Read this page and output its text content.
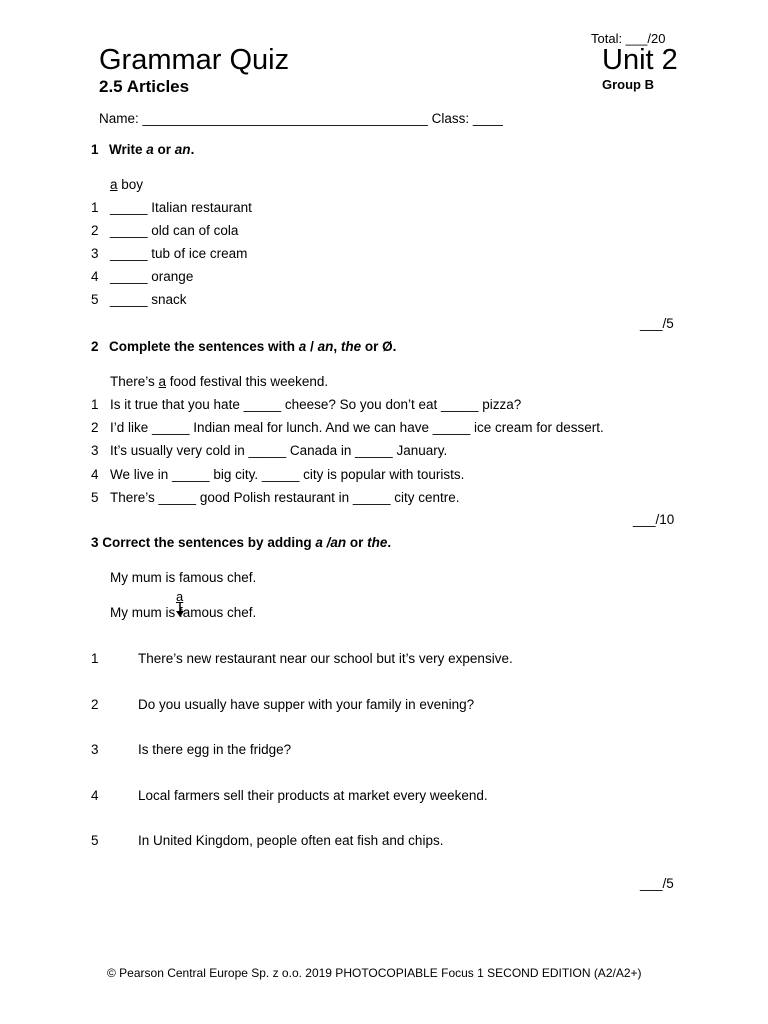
Grammar Quiz
2.5 Articles
Total: ___/20
Unit 2
Group B
Name: ______________________________________ Class: ____
1 Write a or an.
a boy
1 _____ Italian restaurant
2 _____ old can of cola
3 _____ tub of ice cream
4 _____ orange
5 _____ snack
___/5
2 Complete the sentences with a / an, the or Ø.
There’s a food festival this weekend.
1 Is it true that you hate _____ cheese? So you don’t eat _____ pizza?
2 I’d like _____ Indian meal for lunch. And we can have _____ ice cream for dessert.
3 It’s usually very cold in _____ Canada in _____ January.
4 We live in _____ big city. _____ city is popular with tourists.
5 There’s _____ good Polish restaurant in _____ city centre.
___/10
3 Correct the sentences by adding a /an or the.
My mum is famous chef.
a
My mum is famous chef.
1	There’s new restaurant near our school but it’s very expensive.
2	Do you usually have supper with your family in evening?
3	Is there egg in the fridge?
4	Local farmers sell their products at market every weekend.
5	In United Kingdom, people often eat fish and chips.
___/5
© Pearson Central Europe Sp. z o.o. 2019 PHOTOCOPIABLE Focus 1 SECOND EDITION (A2/A2+)
